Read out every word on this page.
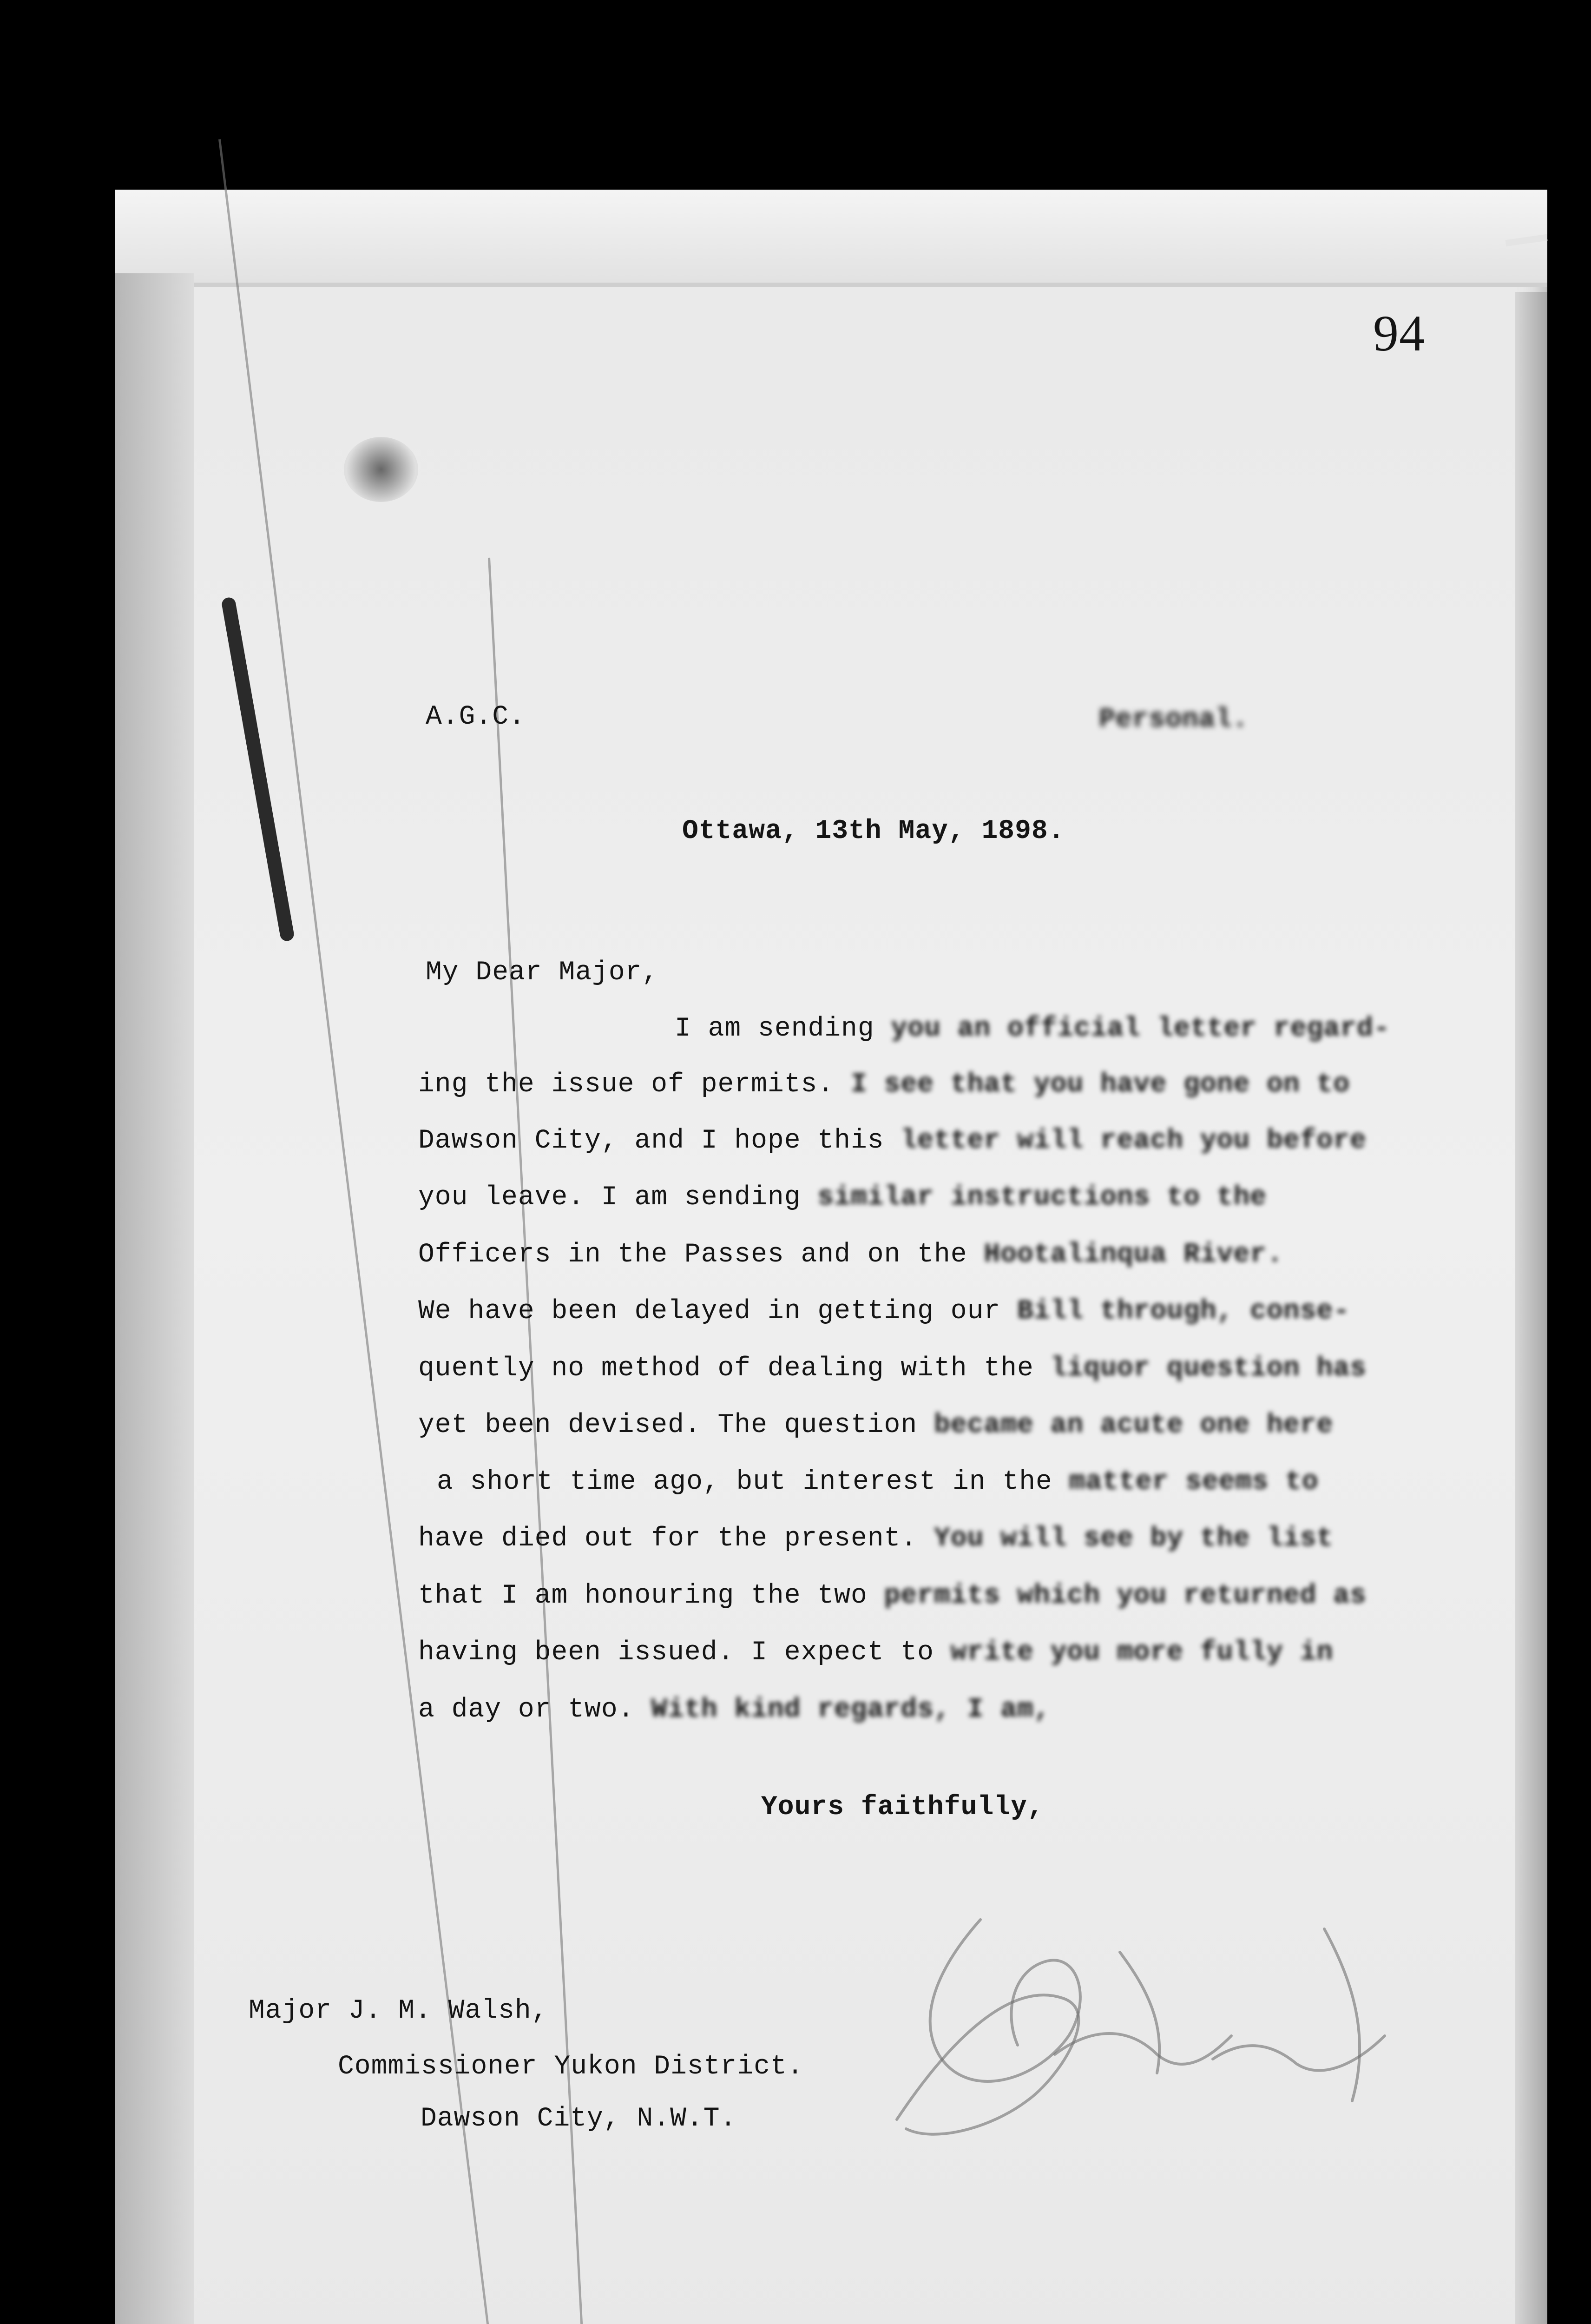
94
A.G.C.	Personal.
Ottawa, 13th May, 1898.
My Dear Major,
I am sending you an official letter regard-
ing the issue of permits. I see that you have gone on to
Dawson City, and I hope this letter will reach you before
you leave. I am sending similar instructions to the
Officers in the Passes and on the Hootalinqua River.
We have been delayed in getting our Bill through, conse-
quently no method of dealing with the liquor question has
yet been devised. The question became an acute one here
a short time ago, but interest in the matter seems to
have died out for the present. You will see by the list
that I am honouring the two permits which you returned as
having been issued. I expect to write you more fully in
a day or two. With kind regards, I am,
Yours faithfully,
Major J. M. Walsh,
Commissioner Yukon District.
Dawson City, N.W.T.
